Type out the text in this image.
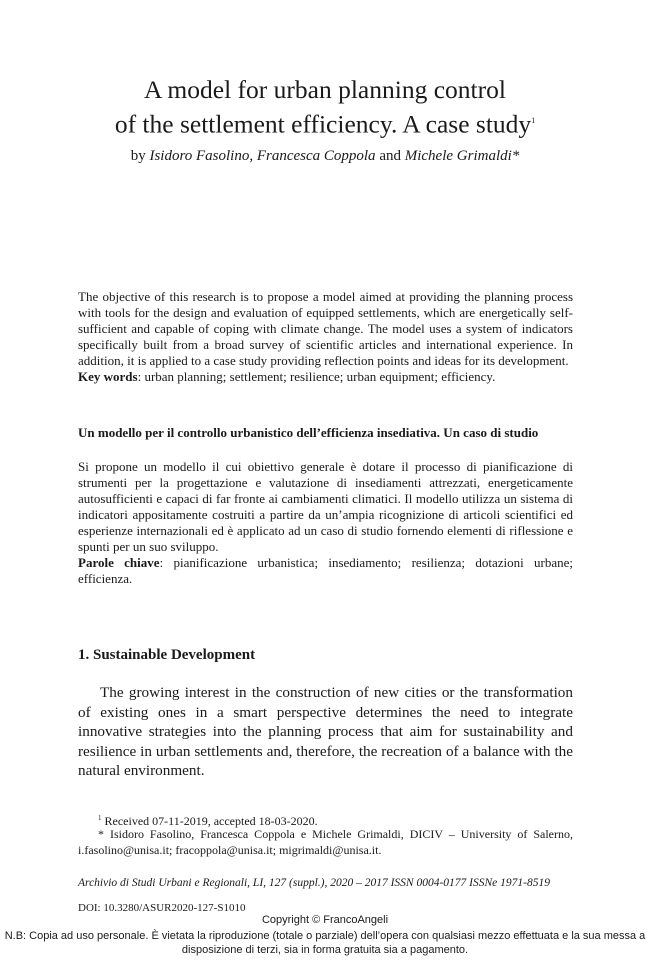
A model for urban planning control
of the settlement efficiency. A case study$^1$
by Isidoro Fasolino, Francesca Coppola and Michele Grimaldi*
The objective of this research is to propose a model aimed at providing the planning process with tools for the design and evaluation of equipped settlements, which are energetically self-sufficient and capable of coping with climate change. The model uses a system of indicators specifically built from a broad survey of scientific articles and international experience. In addition, it is applied to a case study providing reflection points and ideas for its development.
Key words: urban planning; settlement; resilience; urban equipment; efficiency.
Un modello per il controllo urbanistico dell’efficienza insediativa. Un caso di studio
Si propone un modello il cui obiettivo generale è dotare il processo di pianificazione di strumenti per la progettazione e valutazione di insediamenti attrezzati, energeticamente autosufficienti e capaci di far fronte ai cambiamenti climatici. Il modello utilizza un sistema di indicatori appositamente costruiti a partire da un’ampia ricognizione di articoli scientifici ed esperienze internazionali ed è applicato ad un caso di studio fornendo elementi di riflessione e spunti per un suo sviluppo.
Parole chiave: pianificazione urbanistica; insediamento; resilienza; dotazioni urbane; efficienza.
1. Sustainable Development
The growing interest in the construction of new cities or the transformation of existing ones in a smart perspective determines the need to integrate innovative strategies into the planning process that aim for sustainability and resilience in urban settlements and, therefore, the recreation of a balance with the natural environment.
$^1$ Received 07-11-2019, accepted 18-03-2020.
* Isidoro Fasolino, Francesca Coppola e Michele Grimaldi, DICIV – University of Salerno, i.fasolino@unisa.it; fracoppola@unisa.it; migrimaldi@unisa.it.
Archivio di Studi Urbani e Regionali, LI, 127 (suppl.), 2020 – 2017 ISSN 0004-0177 ISSNe 1971-8519
DOI: 10.3280/ASUR2020-127-S1010
Copyright © FrancoAngeli
N.B: Copia ad uso personale. È vietata la riproduzione (totale o parziale) dell’opera con qualsiasi mezzo effettuata e la sua messa a disposizione di terzi, sia in forma gratuita sia a pagamento.
